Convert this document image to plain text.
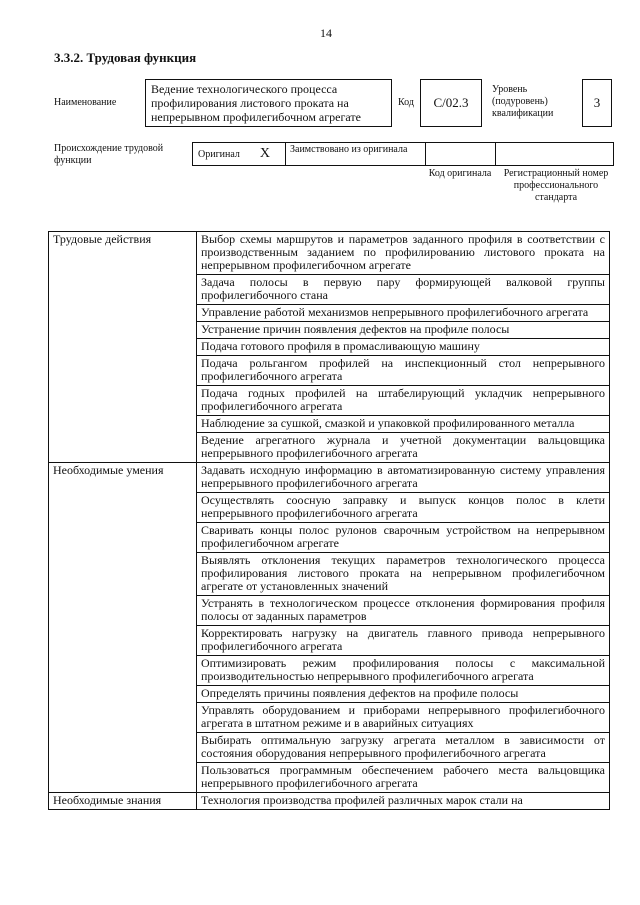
14
3.3.2. Трудовая функция
Наименование
Ведение технологического процесса профилирования листового проката на непрерывном профилегибочном агрегате
Код	C/02.3
Уровень (подуровень) квалификации
3
Происхождение трудовой функции
Оригинал X	Заимствовано из оригинала
Код оригинала Регистрационный номер профессионального стандарта
Трудовые действия	Выбор схемы маршрутов и параметров заданного профиля в соответствии с производственным заданием по профилированию листового проката на непрерывном профилегибочном агрегате
	Задача полосы в первую пару формирующей валковой группы профилегибочного стана
	Управление работой механизмов непрерывного профилегибочного агрегата
	Устранение причин появления дефектов на профиле полосы
	Подача готового профиля в промасливающую машину
	Подача рольгангом профилей на инспекционный стол непрерывного профилегибочного агрегата
	Подача годных профилей на штабелирующий укладчик непрерывного профилегибочного агрегата
	Наблюдение за сушкой, смазкой и упаковкой профилированного металла
	Ведение агрегатного журнала и учетной документации вальцовщика непрерывного профилегибочного агрегата
Необходимые умения	Задавать исходную информацию в автоматизированную систему управления непрерывного профилегибочного агрегата
	Осуществлять соосную заправку и выпуск концов полос в клети непрерывного профилегибочного агрегата
	Сваривать концы полос рулонов сварочным устройством на непрерывном профилегибочном агрегате
	Выявлять отклонения текущих параметров технологического процесса профилирования листового проката на непрерывном профилегибочном агрегате от установленных значений
	Устранять в технологическом процессе отклонения формирования профиля полосы от заданных параметров
	Корректировать нагрузку на двигатель главного привода непрерывного профилегибочного агрегата
	Оптимизировать режим профилирования полосы с максимальной производительностью непрерывного профилегибочного агрегата
	Определять причины появления дефектов на профиле полосы
	Управлять оборудованием и приборами непрерывного профилегибочного агрегата в штатном режиме и в аварийных ситуациях
	Выбирать оптимальную загрузку агрегата металлом в зависимости от состояния оборудования непрерывного профилегибочного агрегата
	Пользоваться программным обеспечением рабочего места вальцовщика непрерывного профилегибочного агрегата
Необходимые знания	Технология производства профилей различных марок стали на
